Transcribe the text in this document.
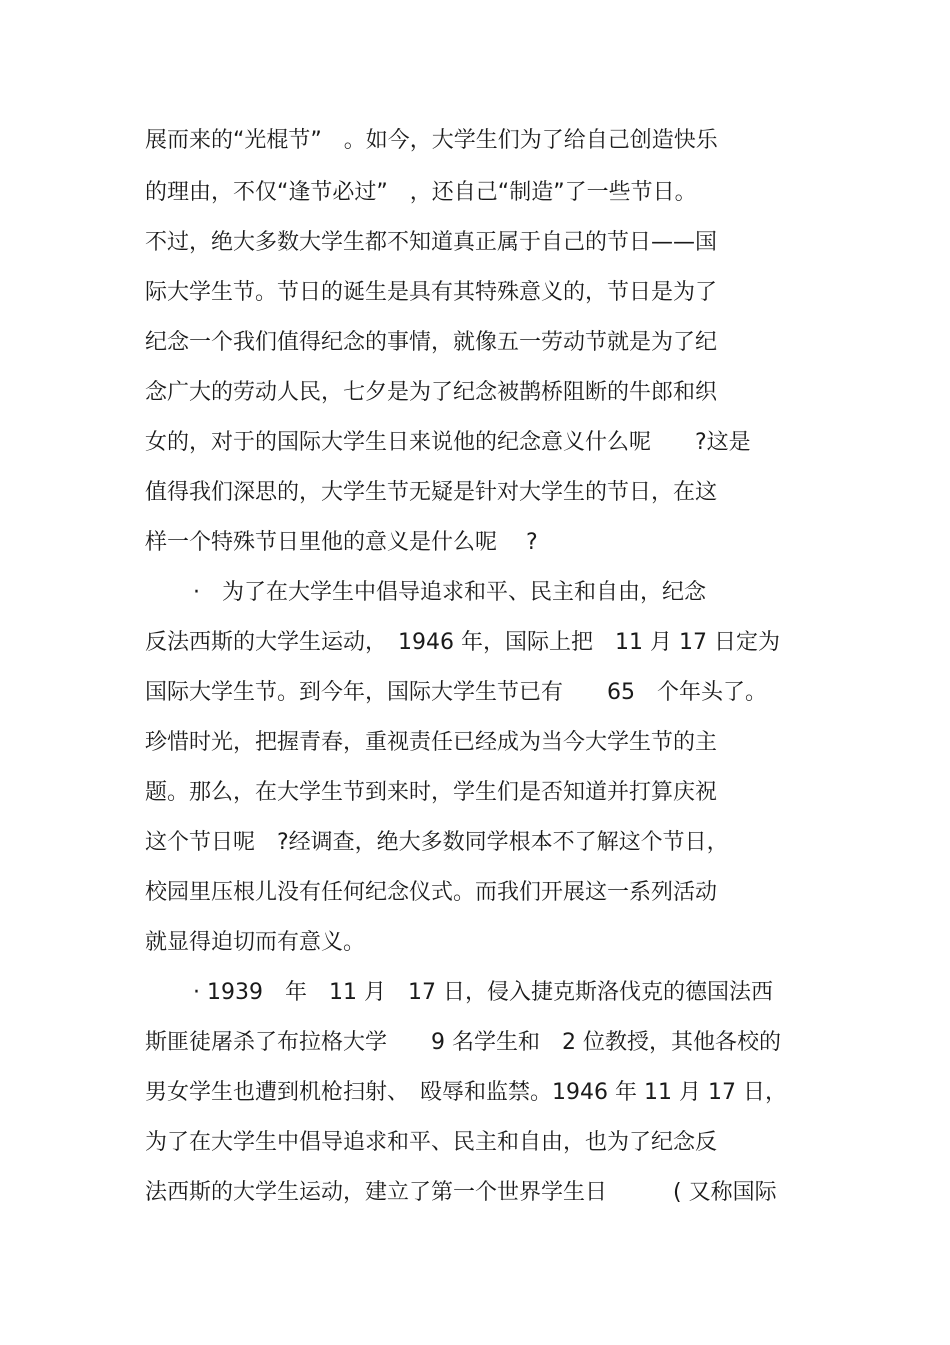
展而来的“光棍节”　。如今，大学生们为了给自己创造快乐

的理由，不仅“逢节必过”　，还自己“制造”了一些节日。

不过，绝大多数大学生都不知道真正属于自己的节日——国

际大学生节。节日的诞生是具有其特殊意义的，节日是为了

纪念一个我们值得纪念的事情，就像五一劳动节就是为了纪

念广大的劳动人民，七夕是为了纪念被鹊桥阻断的牛郎和织

女的，对于的国际大学生日来说他的纪念意义什么呢　　?这是

值得我们深思的，大学生节无疑是针对大学生的节日，在这

样一个特殊节日里他的意义是什么呢　 ?

·　为了在大学生中倡导追求和平、民主和自由，纪念

反法西斯的大学生运动，　1946 年，国际上把　11 月 17 日定为

国际大学生节。到今年，国际大学生节已有　　65　个年头了。

珍惜时光，把握青春，重视责任已经成为当今大学生节的主

题。那么，在大学生节到来时，学生们是否知道并打算庆祝

这个节日呢　?经调查，绝大多数同学根本不了解这个节日，

校园里压根儿没有任何纪念仪式。而我们开展这一系列活动

就显得迫切而有意义。

· 1939　年　11 月　17 日，侵入捷克斯洛伐克的德国法西

斯匪徒屠杀了布拉格大学　　9 名学生和　2 位教授，其他各校的

男女学生也遭到机枪扫射、　殴辱和监禁。1946 年 11 月 17 日，

为了在大学生中倡导追求和平、民主和自由，也为了纪念反

法西斯的大学生运动，建立了第一个世界学生日　　　( 又称国际
